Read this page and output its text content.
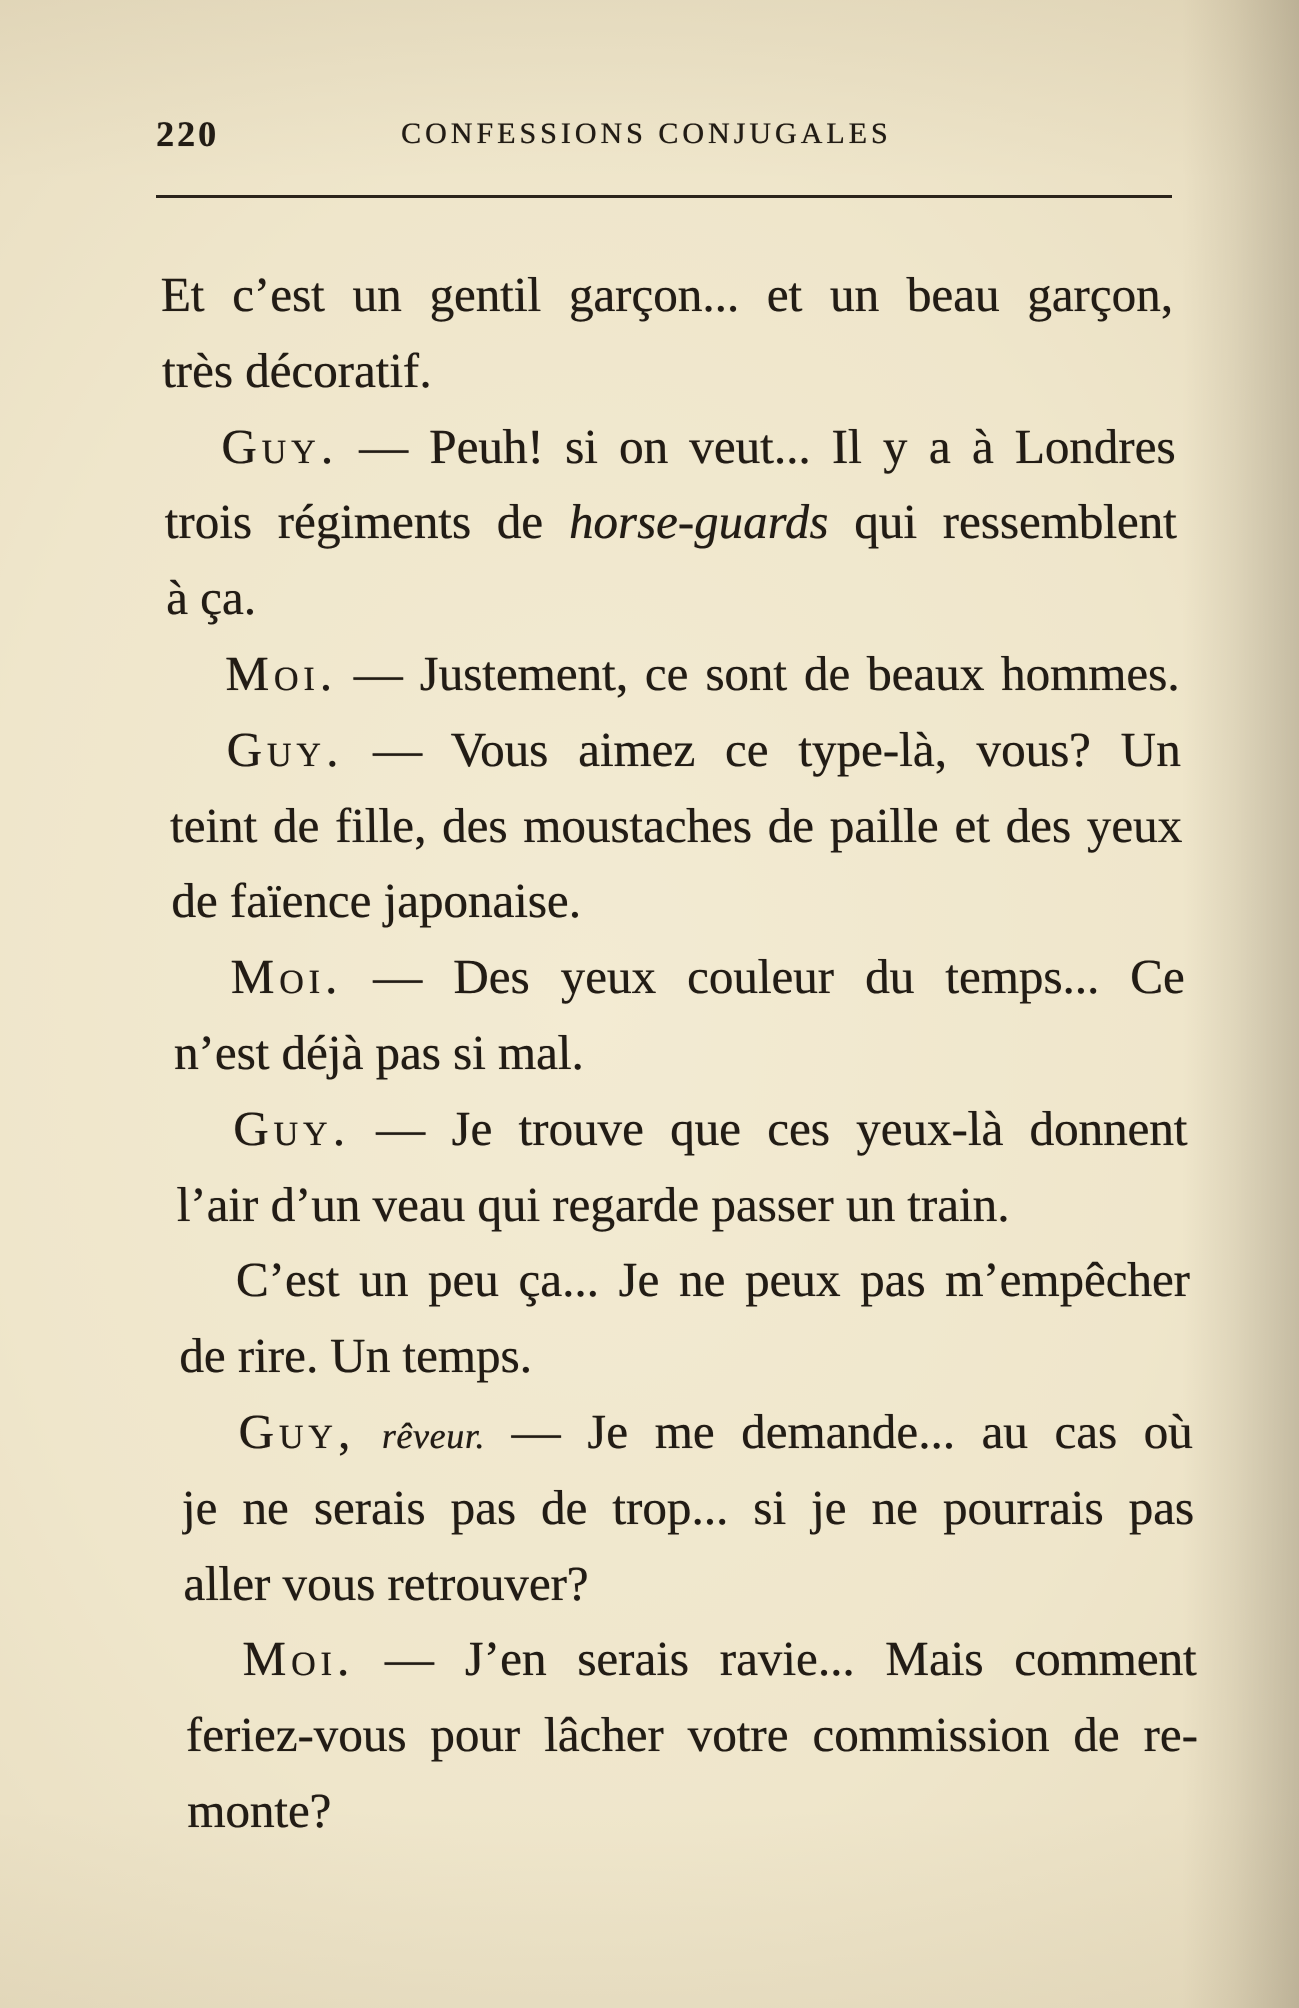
220	CONFESSIONS CONJUGALES
Et c’est un gentil garçon... et un beau garçon,
très décoratif.
Guy. — Peuh! si on veut... Il y a à Londres
trois régiments de horse-guards qui ressemblent
à ça.
Moi. — Justement, ce sont de beaux hommes.
Guy. — Vous aimez ce type-là, vous? Un
teint de fille, des moustaches de paille et des yeux
de faïence japonaise.
Moi. — Des yeux couleur du temps... Ce
n’est déjà pas si mal.
Guy. — Je trouve que ces yeux-là donnent
l’air d’un veau qui regarde passer un train.
C’est un peu ça... Je ne peux pas m’empêcher
de rire. Un temps.
Guy, rêveur. — Je me demande... au cas où
je ne serais pas de trop... si je ne pourrais pas
aller vous retrouver?
Moi. — J’en serais ravie... Mais comment
feriez-vous pour lâcher votre commission de re-
monte?
